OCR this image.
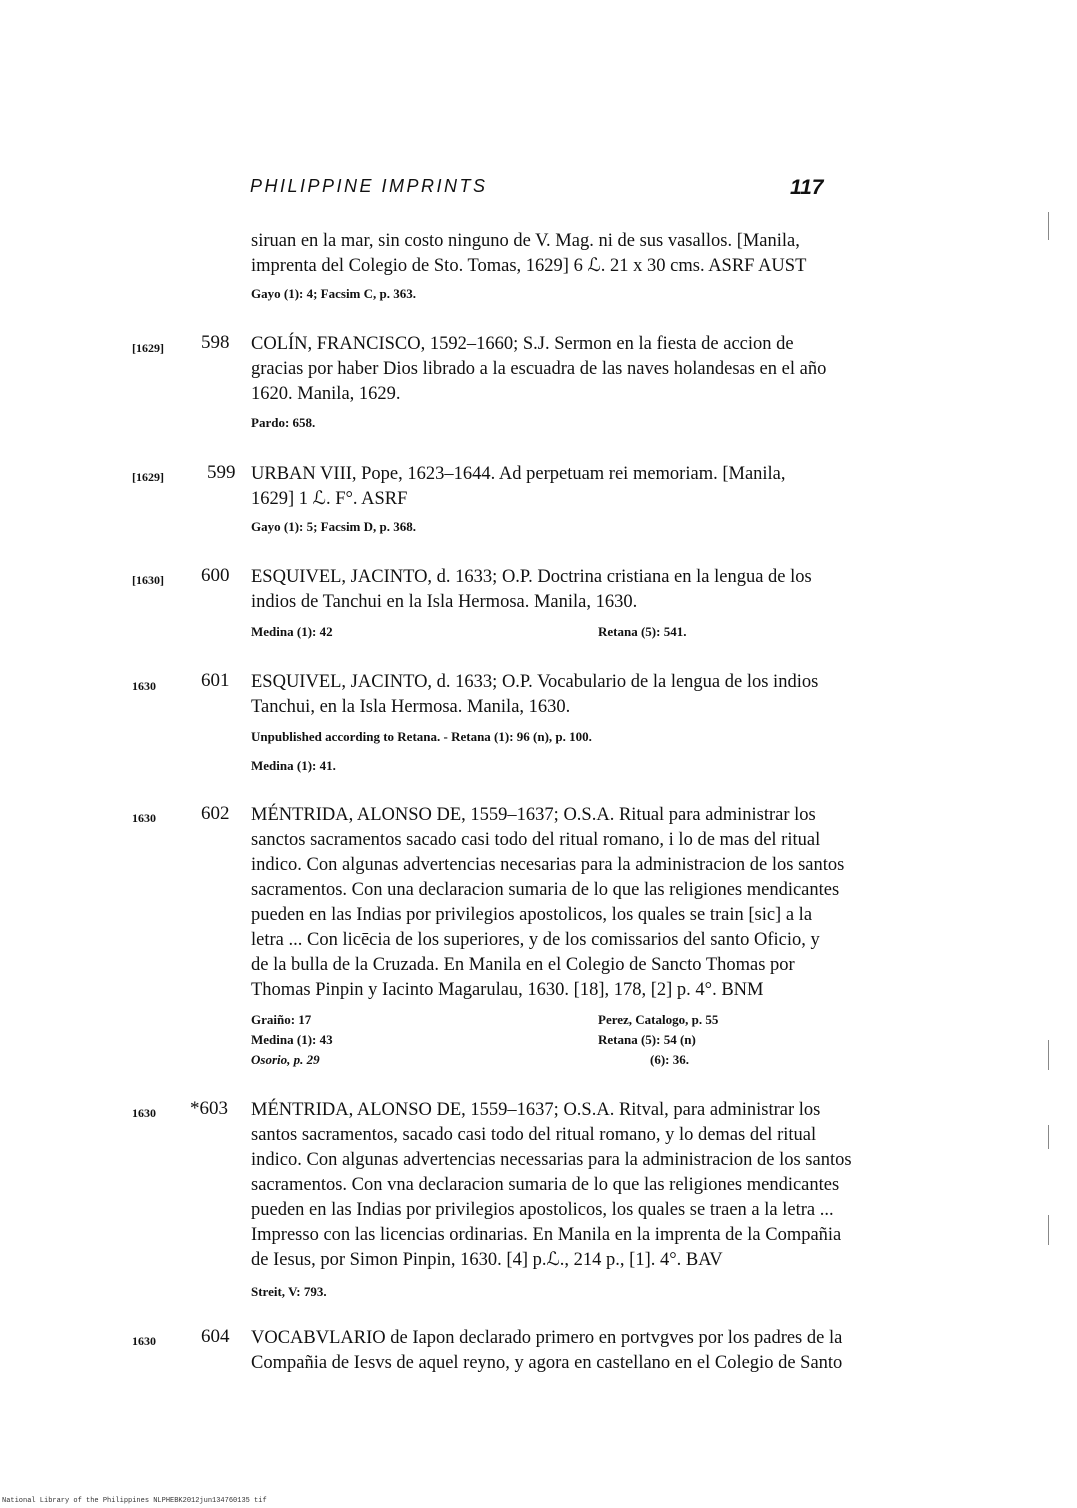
PHILIPPINE IMPRINTS	117
siruan en la mar, sin costo ninguno de V. Mag. ni de sus vasallos. [Manila,
imprenta del Colegio de Sto. Tomas, 1629] 6 ℒ. 21 x 30 cms. ASRF AUST
Gayo (1): 4; Facsim C, p. 363.
[1629] 598 COLÍN, FRANCISCO, 1592–1660; S.J. Sermon en la fiesta de accion de
gracias por haber Dios librado a la escuadra de las naves holandesas en el año
1620. Manila, 1629.
Pardo: 658.
[1629] 599 URBAN VIII, Pope, 1623–1644. Ad perpetuam rei memoriam. [Manila,
1629] 1 ℒ. F°. ASRF
Gayo (1): 5; Facsim D, p. 368.
[1630] 600 ESQUIVEL, JACINTO, d. 1633; O.P. Doctrina cristiana en la lengua de los
indios de Tanchui en la Isla Hermosa. Manila, 1630.
Medina (1): 42	Retana (5): 541.
1630 601 ESQUIVEL, JACINTO, d. 1633; O.P. Vocabulario de la lengua de los indios
Tanchui, en la Isla Hermosa. Manila, 1630.
Unpublished according to Retana. - Retana (1): 96 (n), p. 100.
Medina (1): 41.
1630 602 MÉNTRIDA, ALONSO DE, 1559–1637; O.S.A. Ritual para administrar los
sanctos sacramentos sacado casi todo del ritual romano, i lo de mas del ritual
indico. Con algunas advertencias necesarias para la administracion de los santos
sacramentos. Con una declaracion sumaria de lo que las religiones mendicantes
pueden en las Indias por privilegios apostolicos, los quales se train [sic] a la
letra ... Con licēcia de los superiores, y de los comissarios del santo Oficio, y
de la bulla de la Cruzada. En Manila en el Colegio de Sancto Thomas por
Thomas Pinpin y Iacinto Magarulau, 1630. [18], 178, [2] p. 4°. BNM
Graiño: 17
Medina (1): 43
Osorio, p. 29
Perez, Catalogo, p. 55
Retana (5): 54 (n)
(6): 36.
1630 *603 MÉNTRIDA, ALONSO DE, 1559–1637; O.S.A. Ritval, para administrar los
santos sacramentos, sacado casi todo del ritual romano, y lo demas del ritual
indico. Con algunas advertencias necessarias para la administracion de los santos
sacramentos. Con vna declaracion sumaria de lo que las religiones mendicantes
pueden en las Indias por privilegios apostolicos, los quales se traen a la letra ...
Impresso con las licencias ordinarias. En Manila en la imprenta de la Compañia
de Iesus, por Simon Pinpin, 1630. [4] p.ℒ., 214 p., [1]. 4°. BAV
Streit, V: 793.
1630 604 VOCABVLARIO de Iapon declarado primero en portvgves por los padres de la
Compañia de Iesvs de aquel reyno, y agora en castellano en el Colegio de Santo
National Library of the Philippines NLPHEBK2012jun134760135 tif
